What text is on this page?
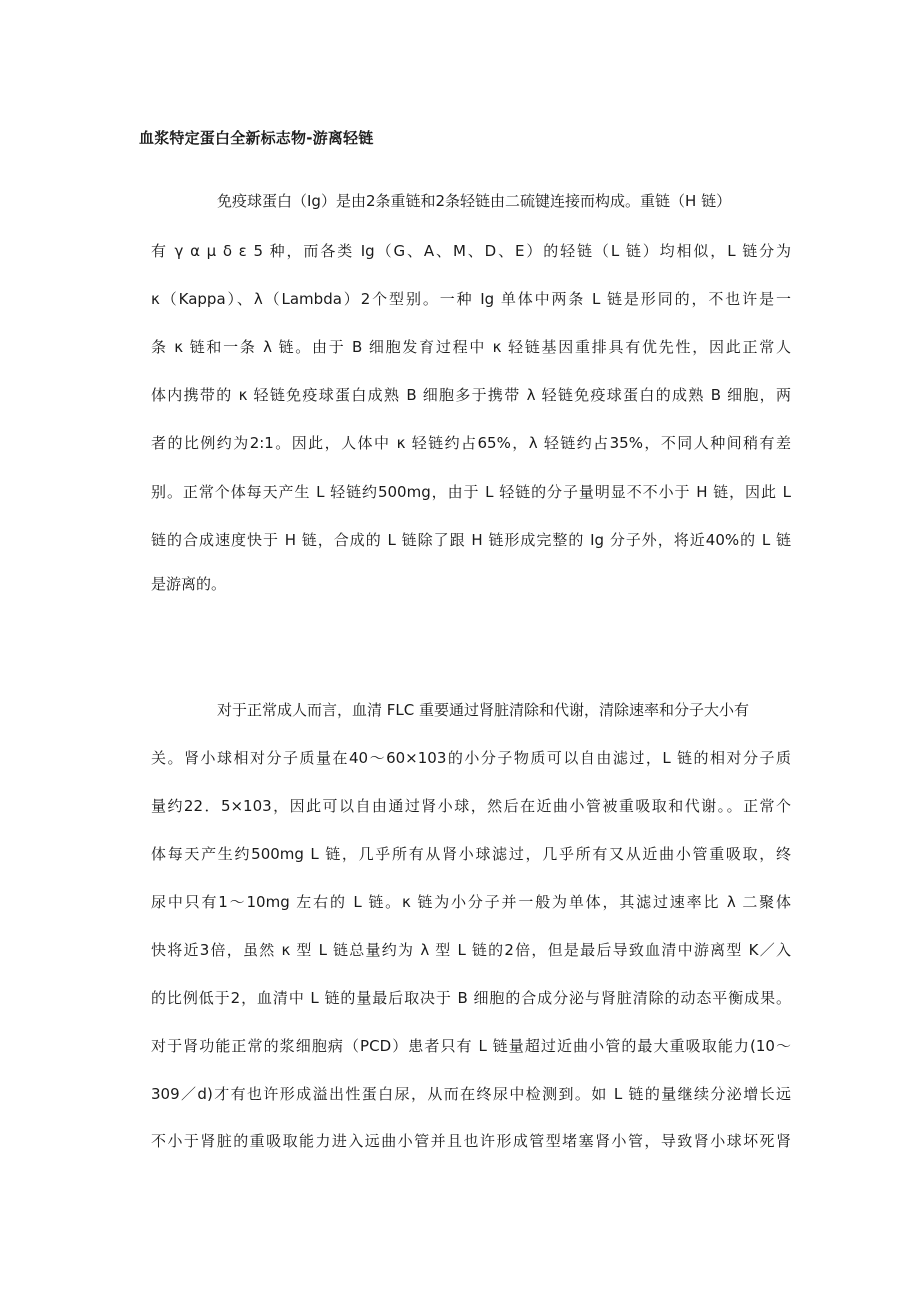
血浆特定蛋白全新标志物-游离轻链

免疫球蛋白（Ig）是由2条重链和2条轻链由二硫键连接而构成。重链（H 链）

有 γ α μ δ ε 5 种，而各类 Ig（G、A、M、D、E）的轻链（L 链）均相似，L 链分为

κ（Kappa）、λ（Lambda）2个型别。一种 Ig 单体中两条 L 链是形同的，不也许是一

条 κ 链和一条 λ 链。由于 B 细胞发育过程中 κ 轻链基因重排具有优先性，因此正常人

体内携带的 κ 轻链免疫球蛋白成熟 B 细胞多于携带 λ 轻链免疫球蛋白的成熟 B 细胞，两

者的比例约为2:1。因此，人体中 κ 轻链约占65%，λ 轻链约占35%，不同人种间稍有差

别。正常个体每天产生 L 轻链约500mg，由于 L 轻链的分子量明显不不小于 H 链，因此 L

链的合成速度快于 H 链，合成的 L 链除了跟 H 链形成完整的 Ig 分子外，将近40%的 L 链

是游离的。

对于正常成人而言，血清 FLC 重要通过肾脏清除和代谢，清除速率和分子大小有

关。肾小球相对分子质量在40～60×103的小分子物质可以自由滤过，L 链的相对分子质

量约22．5×103，因此可以自由通过肾小球，然后在近曲小管被重吸取和代谢。。正常个

体每天产生约500mg L 链，几乎所有从肾小球滤过，几乎所有又从近曲小管重吸取，终

尿中只有1～10mg 左右的 L 链。κ 链为小分子并一般为单体，其滤过速率比 λ 二聚体

快将近3倍，虽然 κ 型 L 链总量约为 λ 型 L 链的2倍，但是最后导致血清中游离型 K／入

的比例低于2，血清中 L 链的量最后取决于 B 细胞的合成分泌与肾脏清除的动态平衡成果。

对于肾功能正常的浆细胞病（PCD）患者只有 L 链量超过近曲小管的最大重吸取能力(10～

309／d)才有也许形成溢出性蛋白尿，从而在终尿中检测到。如 L 链的量继续分泌增长远

不小于肾脏的重吸取能力进入远曲小管并且也许形成管型堵塞肾小管，导致肾小球坏死肾
